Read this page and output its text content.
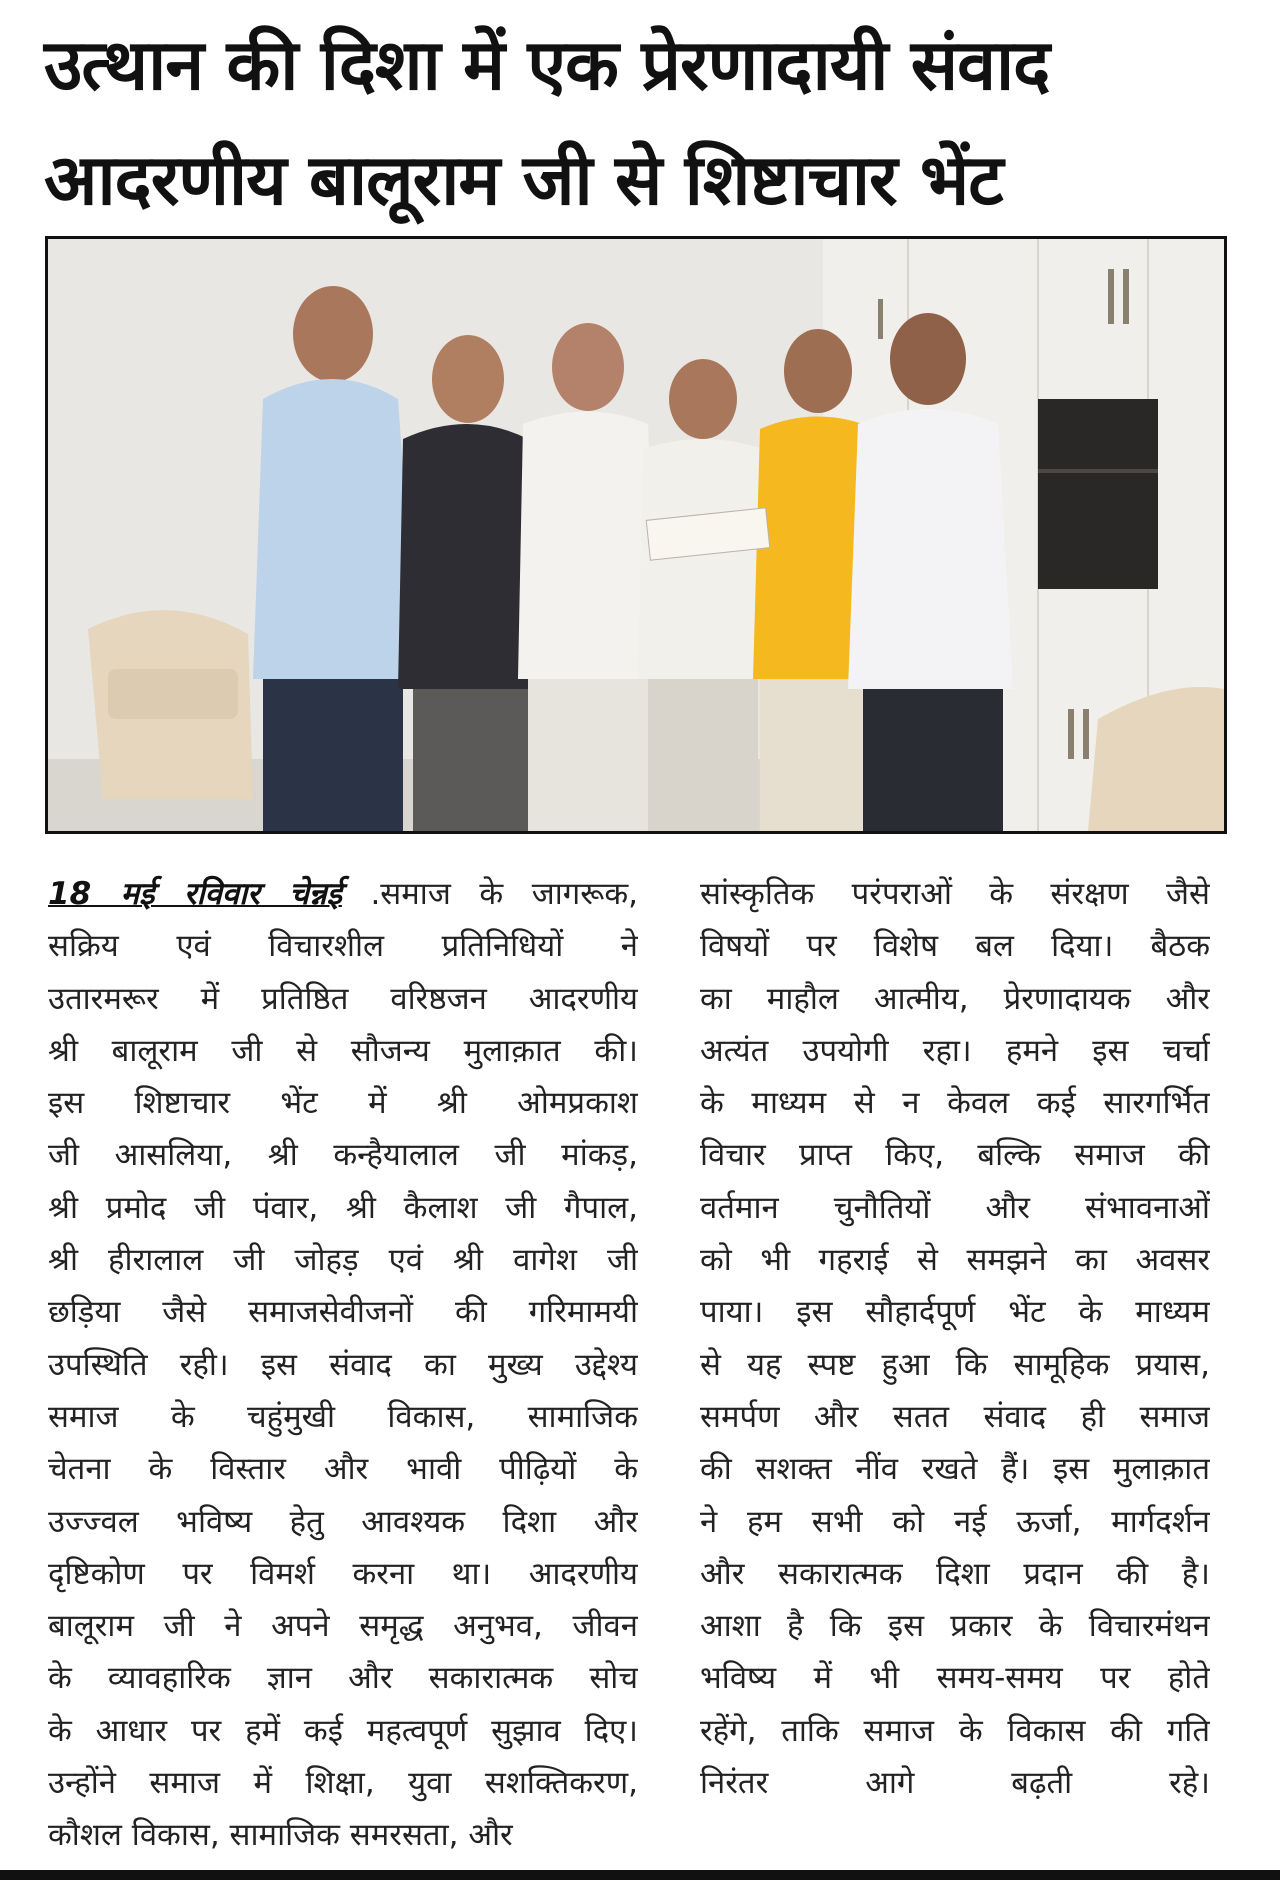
उत्थान की दिशा में एक प्रेरणादायी संवाद
आदरणीय बालूराम जी से शिष्टाचार भेंट
18 मई रविवार चेन्नई .समाज के जागरूक,
सक्रिय एवं विचारशील प्रतिनिधियों ने
उतारमरूर में प्रतिष्ठित वरिष्ठजन आदरणीय
श्री बालूराम जी से सौजन्य मुलाक़ात की।
इस शिष्टाचार भेंट में श्री ओमप्रकाश
जी आसलिया, श्री कन्हैयालाल जी मांकड़,
श्री प्रमोद जी पंवार, श्री कैलाश जी गैपाल,
श्री हीरालाल जी जोहड़ एवं श्री वागेश जी
छड़िया जैसे समाजसेवीजनों की गरिमामयी
उपस्थिति रही। इस संवाद का मुख्य उद्देश्य
समाज के चहुंमुखी विकास, सामाजिक
चेतना के विस्तार और भावी पीढ़ियों के
उज्ज्वल भविष्य हेतु आवश्यक दिशा और
दृष्टिकोण पर विमर्श करना था। आदरणीय
बालूराम जी ने अपने समृद्ध अनुभव, जीवन
के व्यावहारिक ज्ञान और सकारात्मक सोच
के आधार पर हमें कई महत्वपूर्ण सुझाव दिए।
उन्होंने समाज में शिक्षा, युवा सशक्तिकरण,
कौशल विकास, सामाजिक समरसता, और
सांस्कृतिक परंपराओं के संरक्षण जैसे
विषयों पर विशेष बल दिया। बैठक
का माहौल आत्मीय, प्रेरणादायक और
अत्यंत उपयोगी रहा। हमने इस चर्चा
के माध्यम से न केवल कई सारगर्भित
विचार प्राप्त किए, बल्कि समाज की
वर्तमान चुनौतियों और संभावनाओं
को भी गहराई से समझने का अवसर
पाया। इस सौहार्दपूर्ण भेंट के माध्यम
से यह स्पष्ट हुआ कि सामूहिक प्रयास,
समर्पण और सतत संवाद ही समाज
की सशक्त नींव रखते हैं। इस मुलाक़ात
ने हम सभी को नई ऊर्जा, मार्गदर्शन
और सकारात्मक दिशा प्रदान की है।
आशा है कि इस प्रकार के विचारमंथन
भविष्य में भी समय-समय पर होते
रहेंगे, ताकि समाज के विकास की गति
निरंतर आगे बढ़ती रहे।
